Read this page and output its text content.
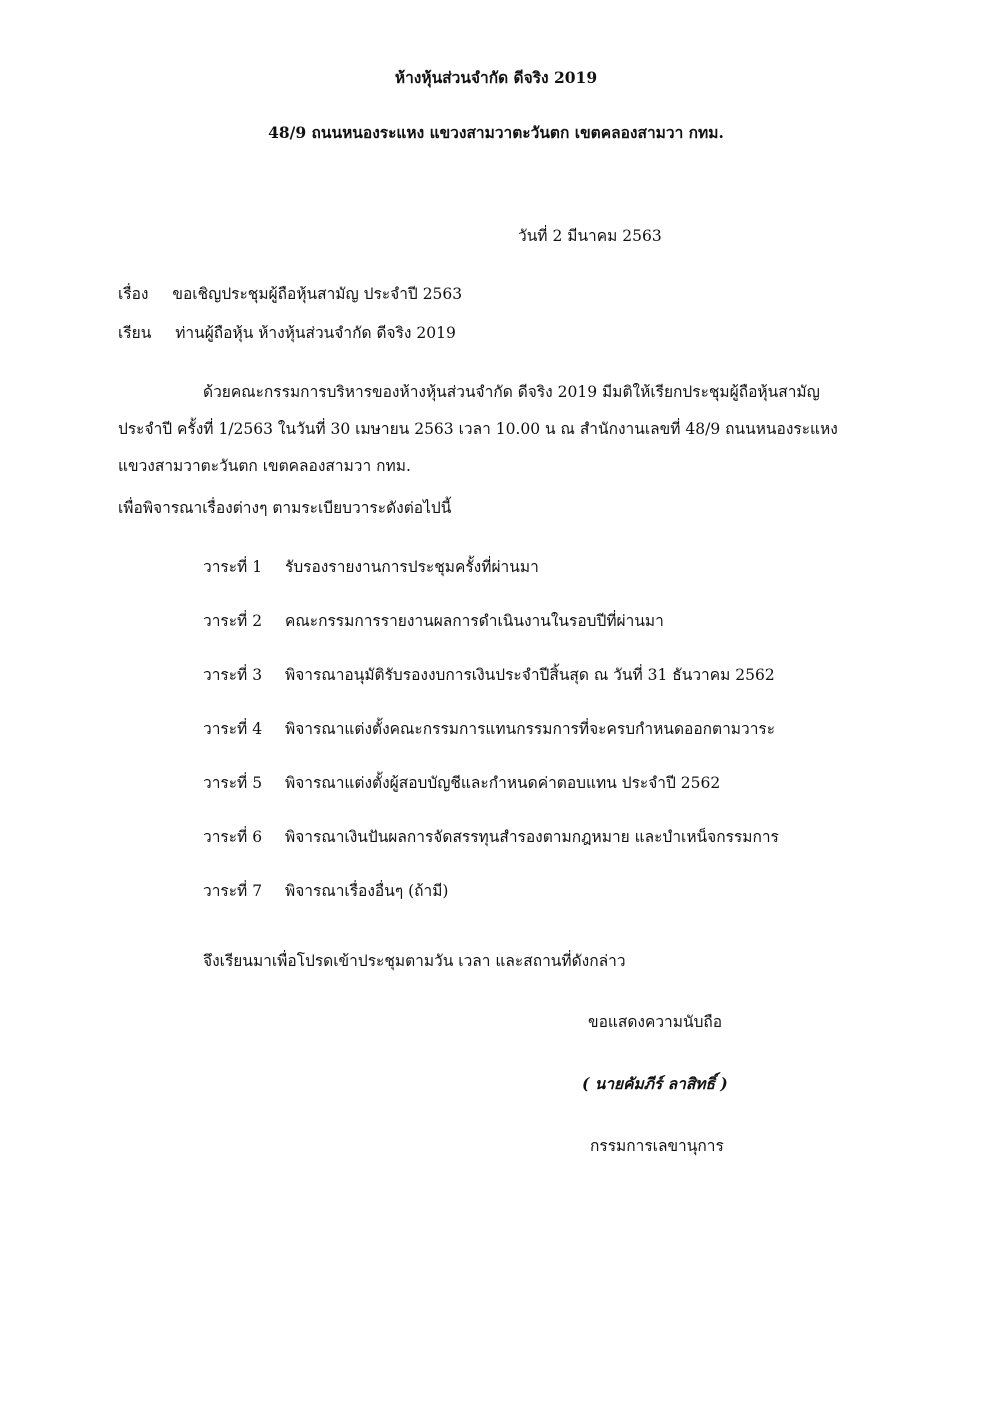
ห้างหุ้นส่วนจำกัด ดีจริง 2019
48/9 ถนนหนองระแหง แขวงสามวาตะวันตก เขตคลองสามวา กทม.
วันที่ 2 มีนาคม 2563
เรื่อง ขอเชิญประชุมผู้ถือหุ้นสามัญ ประจำปี 2563
เรียน ท่านผู้ถือหุ้น ห้างหุ้นส่วนจำกัด ดีจริง 2019
ด้วยคณะกรรมการบริหารของห้างหุ้นส่วนจำกัด ดีจริง 2019 มีมติให้เรียกประชุมผู้ถือหุ้นสามัญ
ประจำปี ครั้งที่ 1/2563 ในวันที่ 30 เมษายน 2563 เวลา 10.00 น ณ สำนักงานเลขที่ 48/9 ถนนหนองระแหง
แขวงสามวาตะวันตก เขตคลองสามวา กทม.
เพื่อพิจารณาเรื่องต่างๆ ตามระเบียบวาระดังต่อไปนี้
วาระที่ 1 รับรองรายงานการประชุมครั้งที่ผ่านมา
วาระที่ 2 คณะกรรมการรายงานผลการดำเนินงานในรอบปีที่ผ่านมา
วาระที่ 3 พิจารณาอนุมัติรับรองงบการเงินประจำปีสิ้นสุด ณ วันที่ 31 ธันวาคม 2562
วาระที่ 4 พิจารณาแต่งตั้งคณะกรรมการแทนกรรมการที่จะครบกำหนดออกตามวาระ
วาระที่ 5 พิจารณาแต่งตั้งผู้สอบบัญชีและกำหนดค่าตอบแทน ประจำปี 2562
วาระที่ 6 พิจารณาเงินปันผลการจัดสรรทุนสำรองตามกฎหมาย และบำเหน็จกรรมการ
วาระที่ 7 พิจารณาเรื่องอื่นๆ (ถ้ามี)
จึงเรียนมาเพื่อโปรดเข้าประชุมตามวัน เวลา และสถานที่ดังกล่าว
ขอแสดงความนับถือ
( นายคัมภีร์ ลาสิทธิ์ )
กรรมการเลขานุการ
